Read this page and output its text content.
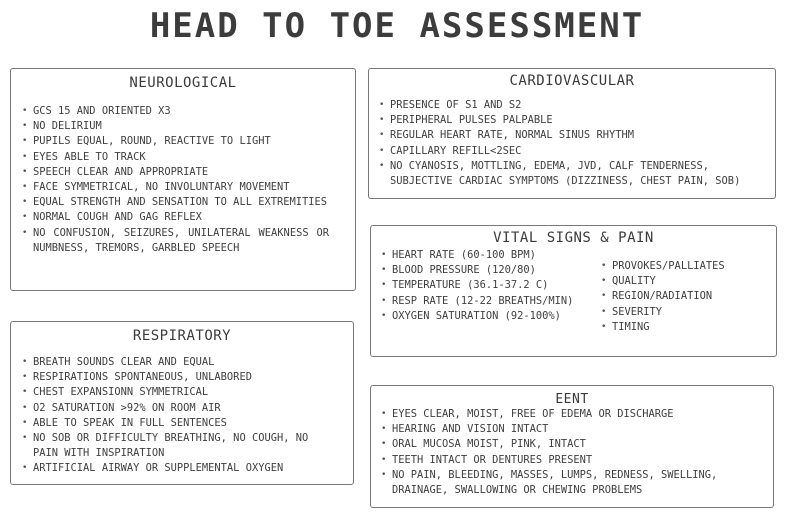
HEAD TO TOE ASSESSMENT
NEUROLOGICAL
• GCS 15 AND ORIENTED X3
• NO DELIRIUM
• PUPILS EQUAL, ROUND, REACTIVE TO LIGHT
• EYES ABLE TO TRACK
• SPEECH CLEAR AND APPROPRIATE
• FACE SYMMETRICAL, NO INVOLUNTARY MOVEMENT
• EQUAL STRENGTH AND SENSATION TO ALL EXTREMITIES
• NORMAL COUGH AND GAG REFLEX
• NO CONFUSION, SEIZURES, UNILATERAL WEAKNESS OR NUMBNESS, TREMORS, GARBLED SPEECH
CARDIOVASCULAR
• PRESENCE OF S1 AND S2
• PERIPHERAL PULSES PALPABLE
• REGULAR HEART RATE, NORMAL SINUS RHYTHM
• CAPILLARY REFILL<2SEC
• NO CYANOSIS, MOTTLING, EDEMA, JVD, CALF TENDERNESS, SUBJECTIVE CARDIAC SYMPTOMS (DIZZINESS, CHEST PAIN, SOB)
VITAL SIGNS & PAIN
• HEART RATE (60-100 BPM)
• BLOOD PRESSURE (120/80)
• TEMPERATURE (36.1-37.2 C)
• RESP RATE (12-22 BREATHS/MIN)
• OXYGEN SATURATION (92-100%)
• PROVOKES/PALLIATES
• QUALITY
• REGION/RADIATION
• SEVERITY
• TIMING
RESPIRATORY
• BREATH SOUNDS CLEAR AND EQUAL
• RESPIRATIONS SPONTANEOUS, UNLABORED
• CHEST EXPANSIONN SYMMETRICAL
• O2 SATURATION >92% ON ROOM AIR
• ABLE TO SPEAK IN FULL SENTENCES
• NO SOB OR DIFFICULTY BREATHING, NO COUGH, NO PAIN WITH INSPIRATION
• ARTIFICIAL AIRWAY OR SUPPLEMENTAL OXYGEN
EENT
• EYES CLEAR, MOIST, FREE OF EDEMA OR DISCHARGE
• HEARING AND VISION INTACT
• ORAL MUCOSA MOIST, PINK, INTACT
• TEETH INTACT OR DENTURES PRESENT
• NO PAIN, BLEEDING, MASSES, LUMPS, REDNESS, SWELLING, DRAINAGE, SWALLOWING OR CHEWING PROBLEMS
